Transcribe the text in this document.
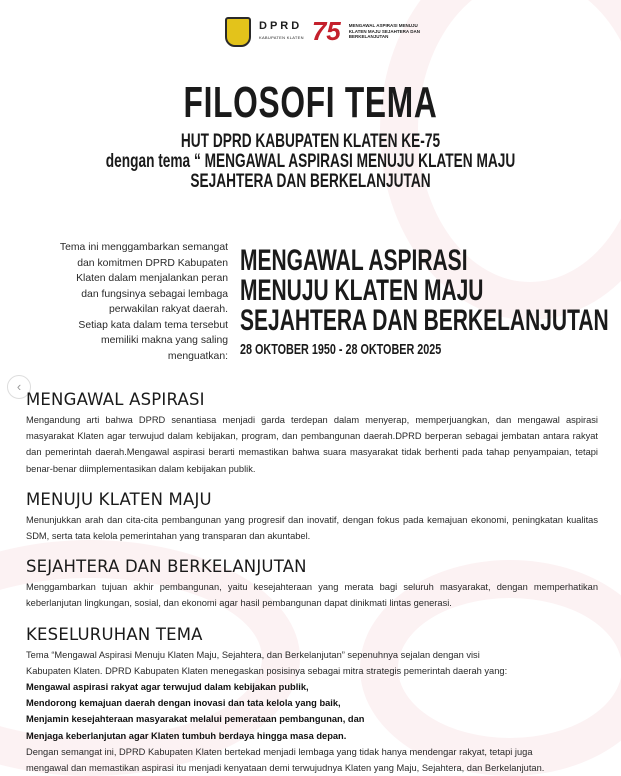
DPRD
KABUPATEN KLATEN 75 MENGAWAL ASPIRASI MENUJU KLATEN MAJU SEJAHTERA DAN BERKELANJUTAN
FILOSOFI TEMA
HUT DPRD KABUPATEN KLATEN KE-75
dengan tema “ MENGAWAL ASPIRASI MENUJU KLATEN MAJU
SEJAHTERA DAN BERKELANJUTAN
Tema ini menggambarkan semangat
dan komitmen DPRD Kabupaten
Klaten dalam menjalankan peran
dan fungsinya sebagai lembaga
perwakilan rakyat daerah.
Setiap kata dalam tema tersebut
memiliki makna yang saling
menguatkan:
MENGAWAL ASPIRASI
MENUJU KLATEN MAJU
SEJAHTERA DAN BERKELANJUTAN
28 OKTOBER 1950 - 28 OKTOBER 2025
‹
MENGAWAL ASPIRASI
Mengandung arti bahwa DPRD senantiasa menjadi garda terdepan dalam menyerap, memperjuangkan, dan mengawal aspirasi masyarakat Klaten agar terwujud dalam kebijakan, program, dan pembangunan daerah.DPRD berperan sebagai jembatan antara rakyat dan pemerintah daerah.Mengawal aspirasi berarti memastikan bahwa suara masyarakat tidak berhenti pada tahap penyampaian, tetapi benar-benar diimplementasikan dalam kebijakan publik.
MENUJU KLATEN MAJU
Menunjukkan arah dan cita-cita pembangunan yang progresif dan inovatif, dengan fokus pada kemajuan ekonomi, peningkatan kualitas SDM, serta tata kelola pemerintahan yang transparan dan akuntabel.
SEJAHTERA DAN BERKELANJUTAN
Menggambarkan tujuan akhir pembangunan, yaitu kesejahteraan yang merata bagi seluruh masyarakat, dengan memperhatikan keberlanjutan lingkungan, sosial, dan ekonomi agar hasil pembangunan dapat dinikmati lintas generasi.
KESELURUHAN TEMA
Tema “Mengawal Aspirasi Menuju Klaten Maju, Sejahtera, dan Berkelanjutan” sepenuhnya sejalan dengan visi
Kabupaten Klaten. DPRD Kabupaten Klaten menegaskan posisinya sebagai mitra strategis pemerintah daerah yang:
Mengawal aspirasi rakyat agar terwujud dalam kebijakan publik,
Mendorong kemajuan daerah dengan inovasi dan tata kelola yang baik,
Menjamin kesejahteraan masyarakat melalui pemerataan pembangunan, dan
Menjaga keberlanjutan agar Klaten tumbuh berdaya hingga masa depan.
Dengan semangat ini, DPRD Kabupaten Klaten bertekad menjadi lembaga yang tidak hanya mendengar rakyat, tetapi juga
mengawal dan memastikan aspirasi itu menjadi kenyataan demi terwujudnya Klaten yang Maju, Sejahtera, dan Berkelanjutan.
